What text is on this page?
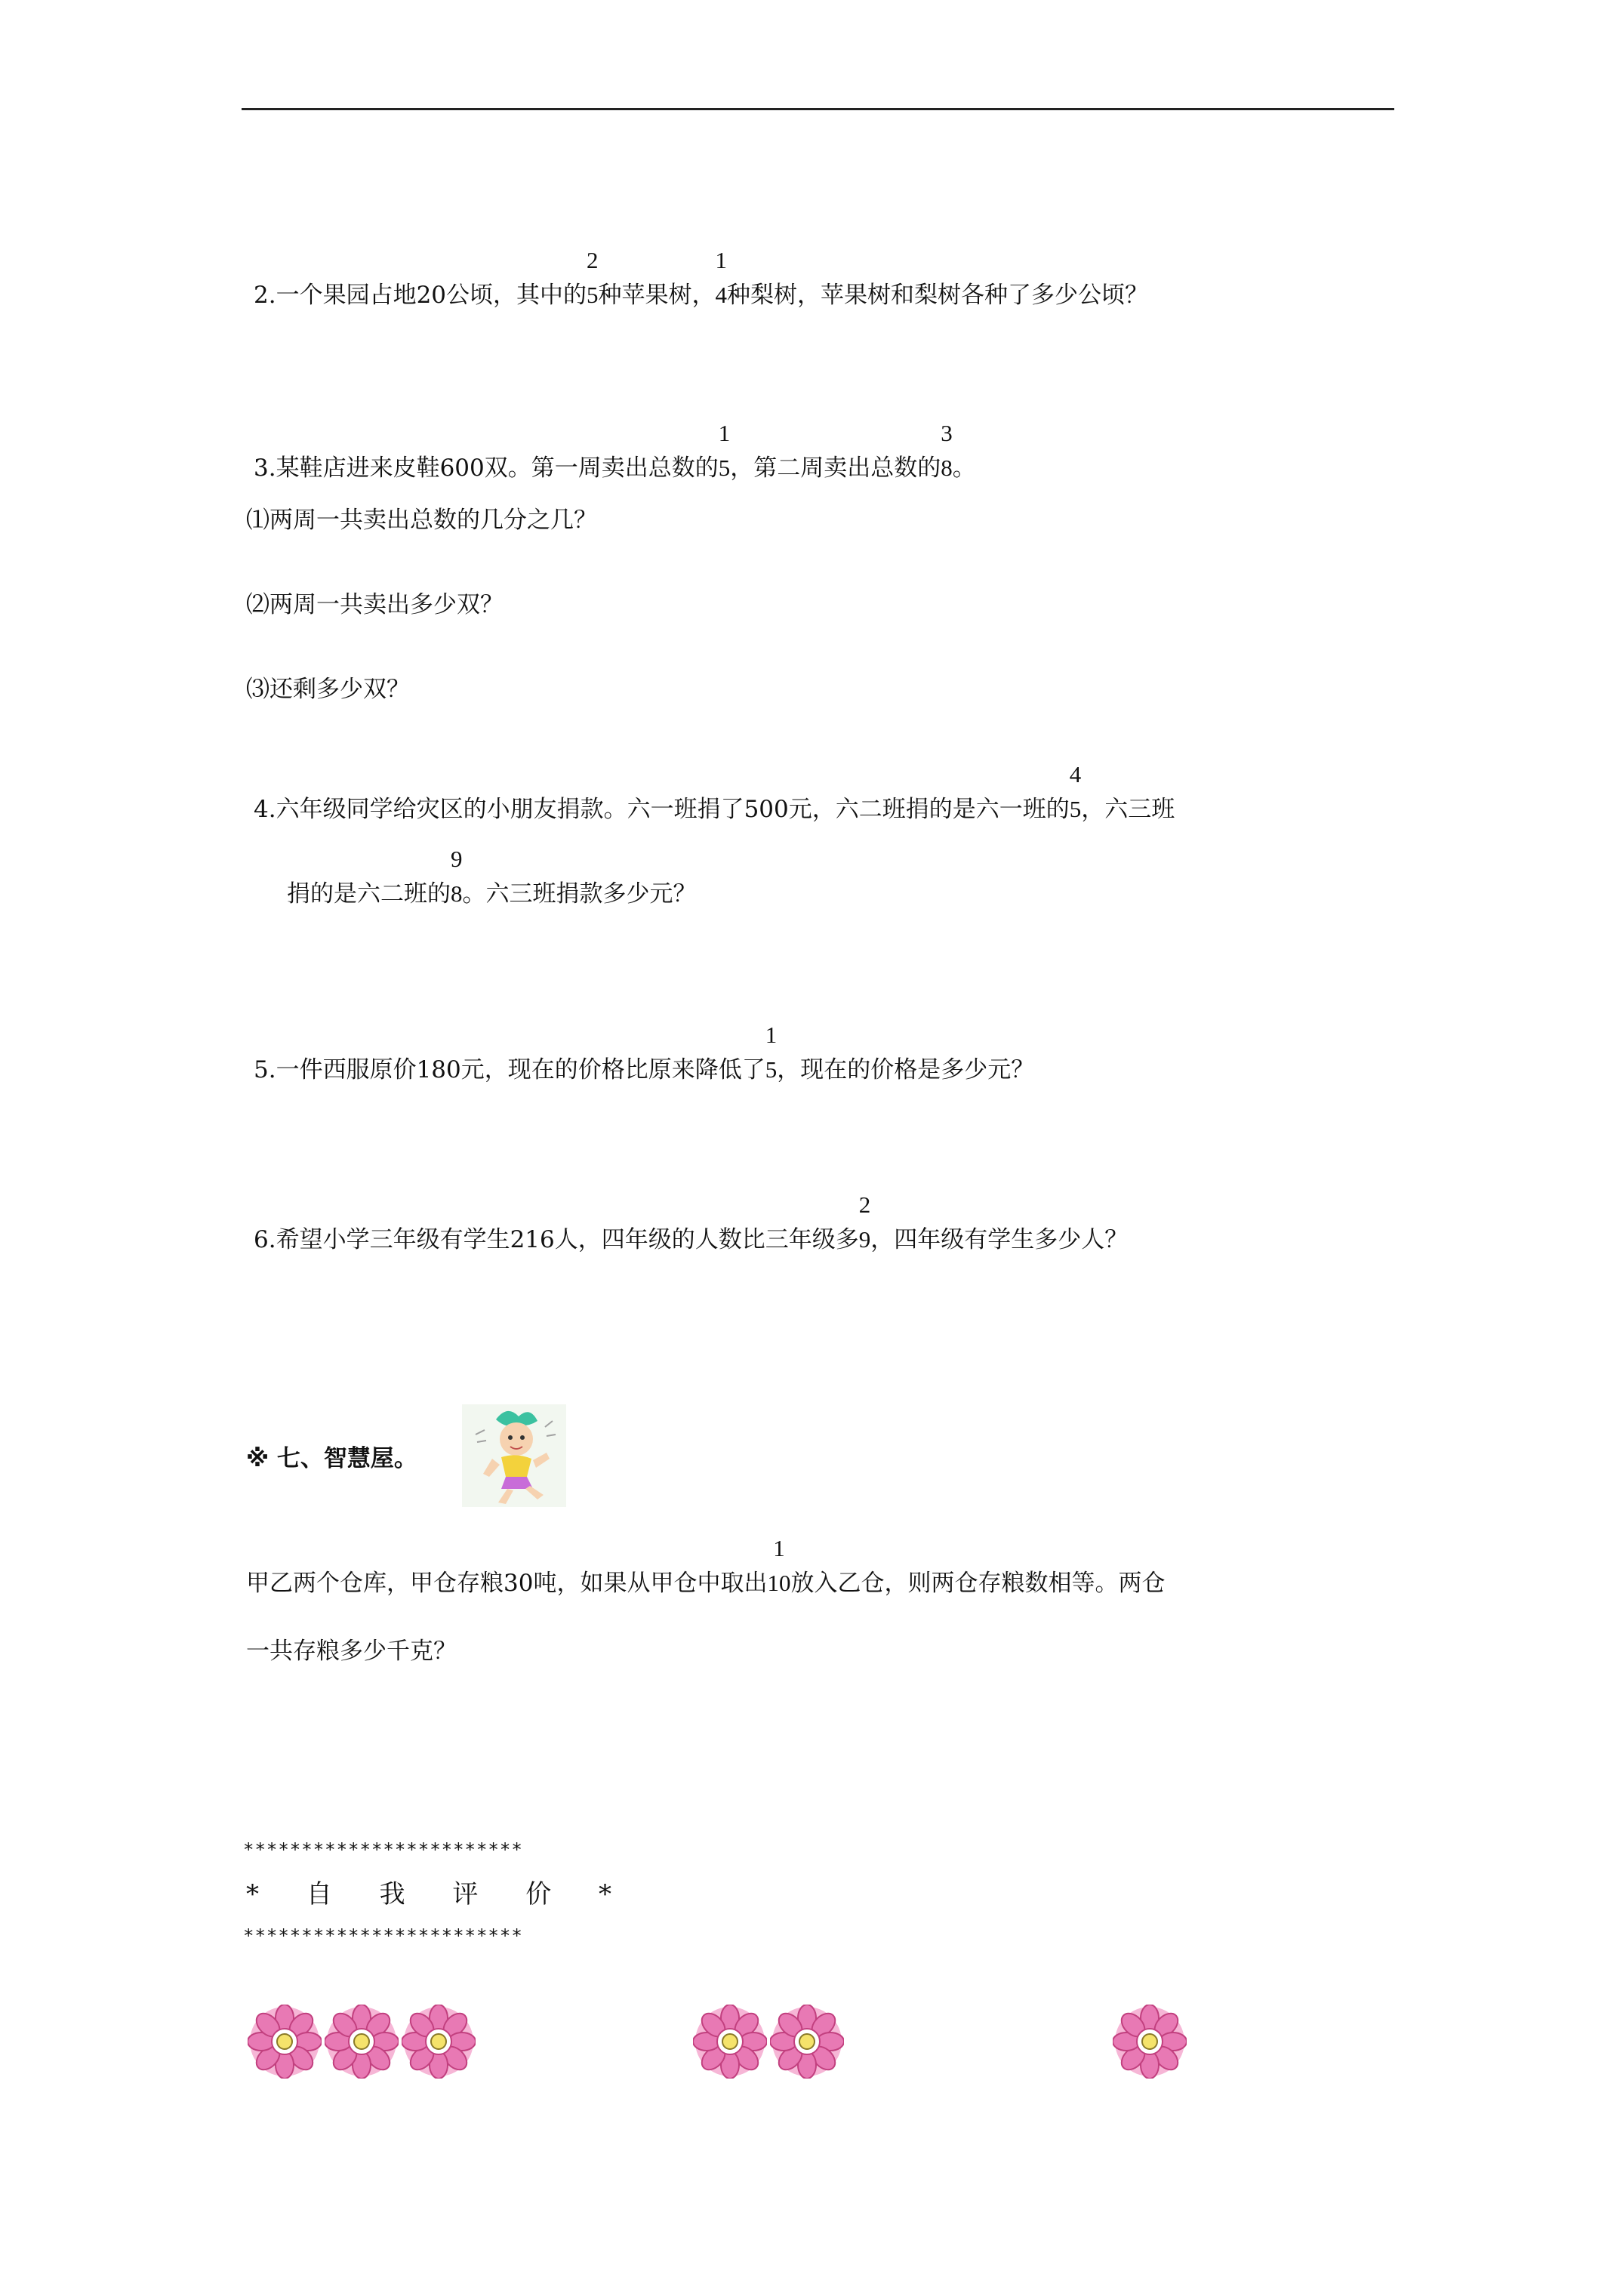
2.一个果园占地20公顷，其中的
2
5种苹果树，
1
4种梨树，苹果树和梨树各种了多少公顷？
3.某鞋店进来皮鞋600双。第一周卖出总数的
1
5，第二周卖出总数的
3
8。
⑴两周一共卖出总数的几分之几？
⑵两周一共卖出多少双？
⑶还剩多少双？
4.六年级同学给灾区的小朋友捐款。六一班捐了500元，六二班捐的是六一班的
4
5，六三班
捐的是六二班的
9
8。六三班捐款多少元？
5.一件西服原价180元，现在的价格比原来降低了
1
5，现在的价格是多少元？
6.希望小学三年级有学生216人，四年级的人数比三年级多
2
9，四年级有学生多少人？
※ 七、智慧屋。
甲乙两个仓库，甲仓存粮30吨，如果从甲仓中取出
1
10放入乙仓，则两仓存粮数相等。两仓
一共存粮多少千克？
************************
* 自 我 评 价 *
************************
